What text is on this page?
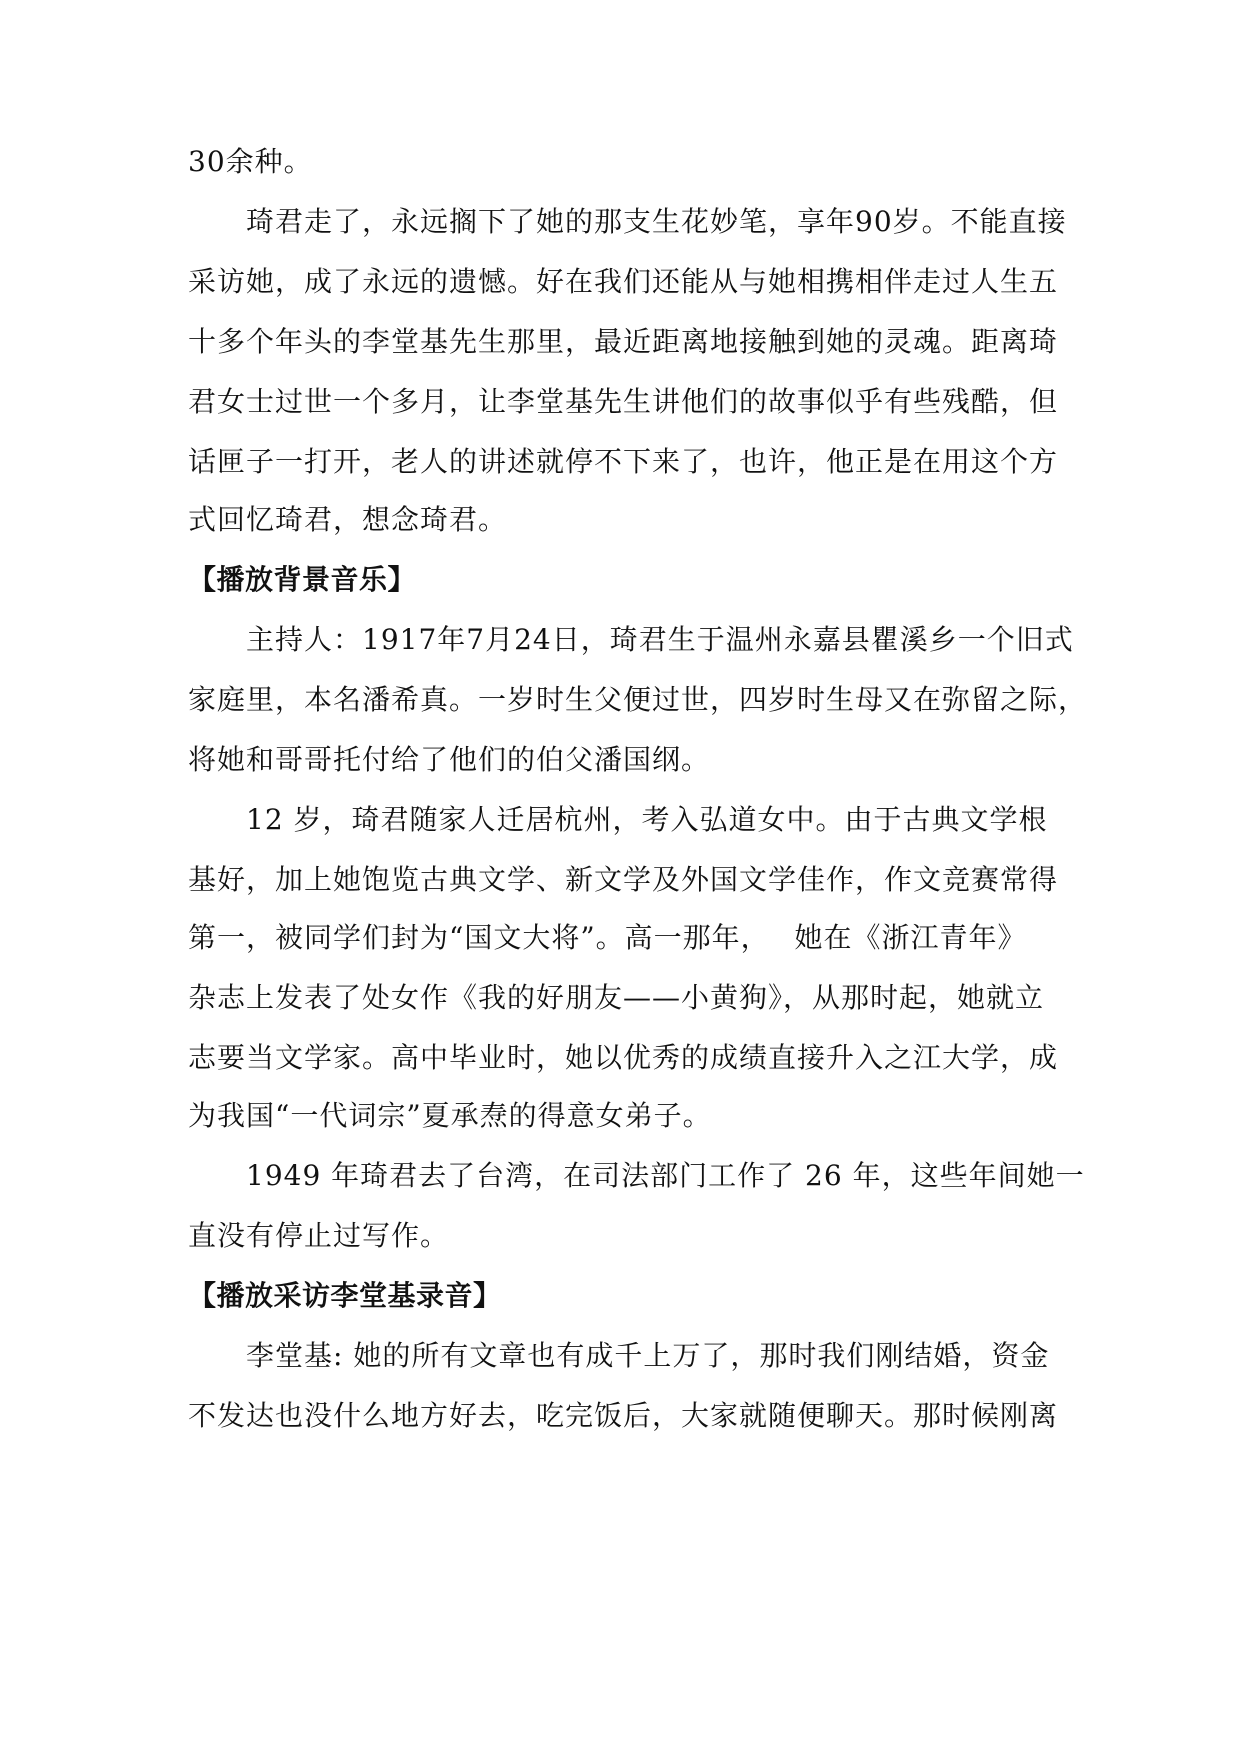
30余种。
琦君走了，永远搁下了她的那支生花妙笔，享年90岁。不能直接
采访她，成了永远的遗憾。好在我们还能从与她相携相伴走过人生五
十多个年头的李堂基先生那里，最近距离地接触到她的灵魂。距离琦
君女士过世一个多月，让李堂基先生讲他们的故事似乎有些残酷，但
话匣子一打开，老人的讲述就停不下来了，也许，他正是在用这个方
式回忆琦君，想念琦君。
【播放背景音乐】
主持人：1917年7月24日，琦君生于温州永嘉县瞿溪乡一个旧式
家庭里，本名潘希真。一岁时生父便过世，四岁时生母又在弥留之际，
将她和哥哥托付给了他们的伯父潘国纲。
12 岁，琦君随家人迁居杭州，考入弘道女中。由于古典文学根
基好，加上她饱览古典文学、新文学及外国文学佳作，作文竞赛常得
第一，被同学们封为“国文大将”。高一那年，　 她在《浙江青年》
杂志上发表了处女作《我的好朋友——小黄狗》，从那时起，她就立
志要当文学家。高中毕业时，她以优秀的成绩直接升入之江大学，成
为我国“一代词宗”夏承焘的得意女弟子。
1949 年琦君去了台湾，在司法部门工作了 26 年，这些年间她一
直没有停止过写作。
【播放采访李堂基录音】
李堂基: 她的所有文章也有成千上万了，那时我们刚结婚，资金
不发达也没什么地方好去，吃完饭后，大家就随便聊天。那时候刚离
